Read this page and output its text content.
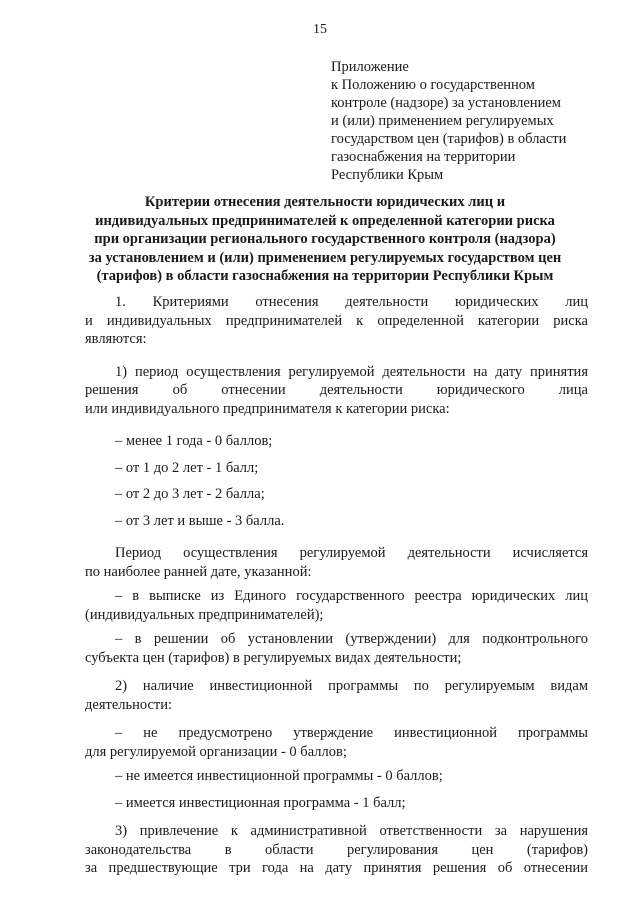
15
Приложение
к Положению о государственном
контроле (надзоре) за установлением
и (или) применением регулируемых
государством цен (тарифов) в области
газоснабжения на территории
Республики Крым
Критерии отнесения деятельности юридических лиц и
индивидуальных предпринимателей к определенной категории риска
при организации регионального государственного контроля (надзора)
за установлением и (или) применением регулируемых государством цен
(тарифов) в области газоснабжения на территории Республики Крым
1. Критериями отнесения деятельности юридических лиц
и индивидуальных предпринимателей к определенной категории риска
являются:
1) период осуществления регулируемой деятельности на дату принятия
решения об отнесении деятельности юридического лица
или индивидуального предпринимателя к категории риска:
– менее 1 года - 0 баллов;
– от 1 до 2 лет - 1 балл;
– от 2 до 3 лет - 2 балла;
– от 3 лет и выше - 3 балла.
Период осуществления регулируемой деятельности исчисляется
по наиболее ранней дате, указанной:
– в выписке из Единого государственного реестра юридических лиц
(индивидуальных предпринимателей);
– в решении об установлении (утверждении) для подконтрольного
субъекта цен (тарифов) в регулируемых видах деятельности;
2) наличие инвестиционной программы по регулируемым видам
деятельности:
– не предусмотрено утверждение инвестиционной программы
для регулируемой организации - 0 баллов;
– не имеется инвестиционной программы - 0 баллов;
– имеется инвестиционная программа - 1 балл;
3) привлечение к административной ответственности за нарушения
законодательства в области регулирования цен (тарифов)
за предшествующие три года на дату принятия решения об отнесении
